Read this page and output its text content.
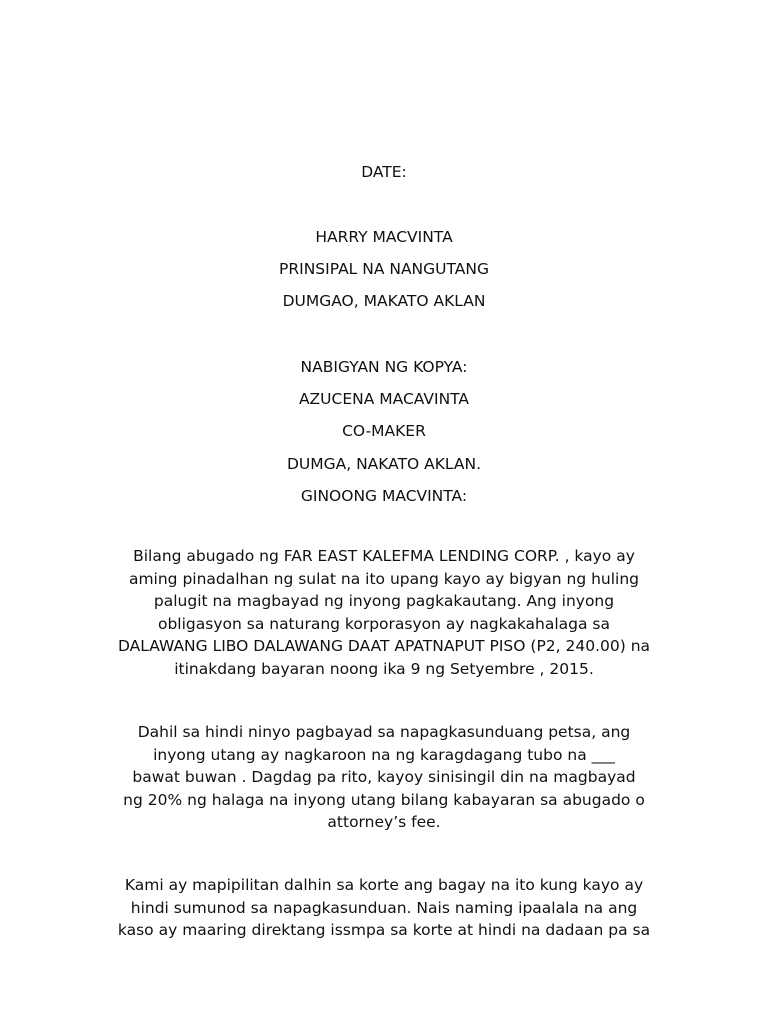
DATE:
HARRY MACVINTA
PRINSIPAL NA NANGUTANG
DUMGAO, MAKATO AKLAN
NABIGYAN NG KOPYA:
AZUCENA MACAVINTA
CO-MAKER
DUMGA, NAKATO AKLAN.
GINOONG MACVINTA:
Bilang abugado ng FAR EAST KALEFMA LENDING CORP. , kayo ay
aming pinadalhan ng sulat na ito upang kayo ay bigyan ng huling
palugit na magbayad ng inyong pagkakautang. Ang inyong
obligasyon sa naturang korporasyon ay nagkakahalaga sa
DALAWANG LIBO DALAWANG DAAT APATNAPUT PISO (P2, 240.00) na
itinakdang bayaran noong ika 9 ng Setyembre , 2015.
Dahil sa hindi ninyo pagbayad sa napagkasunduang petsa, ang
inyong utang ay nagkaroon na ng karagdagang tubo na ___
bawat buwan . Dagdag pa rito, kayoy sinisingil din na magbayad
ng 20% ng halaga na inyong utang bilang kabayaran sa abugado o
attorney’s fee.
Kami ay mapipilitan dalhin sa korte ang bagay na ito kung kayo ay
hindi sumunod sa napagkasunduan. Nais naming ipaalala na ang
kaso ay maaring direktang issmpa sa korte at hindi na dadaan pa sa
